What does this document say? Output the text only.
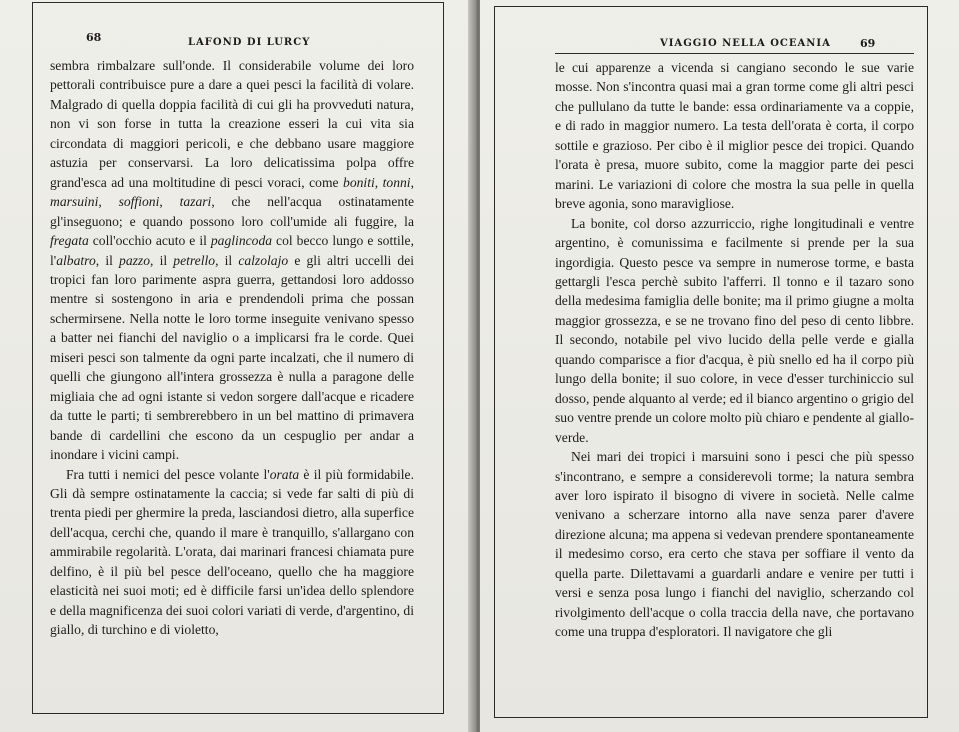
68	LAFOND DI LURCY

sembra rimbalzare sull'onde. Il considerabile volume dei loro pettorali contribuisce pure a dare a quei pesci la facilità di volare. Malgrado di quella doppia facilità di cui gli ha provveduti natura, non vi son forse in tutta la creazione esseri la cui vita sia circondata di maggiori pericoli, e che debbano usare maggiore astuzia per conservarsi. La loro delicatissima polpa offre grand'esca ad una moltitudine di pesci voraci, come boniti, tonni, marsuini, soffioni, tazari, che nell'acqua ostinatamente gl'inseguono; e quando possono loro coll'umide ali fuggire, la fregata coll'occhio acuto e il paglincoda col becco lungo e sottile, l'albatro, il pazzo, il petrello, il calzolajo e gli altri uccelli dei tropici fan loro parimente aspra guerra, gettandosi loro addosso mentre si sostengono in aria e prendendoli prima che possan schermirsene. Nella notte le loro torme inseguite venivano spesso a batter nei fianchi del naviglio o a implicarsi fra le corde. Quei miseri pesci son talmente da ogni parte incalzati, che il numero di quelli che giungono all'intera grossezza è nulla a paragone delle migliaia che ad ogni istante si vedon sorgere dall'acque e ricadere da tutte le parti; ti sembrerebbero in un bel mattino di primavera bande di cardellini che escono da un cespuglio per andar a inondare i vicini campi.

Fra tutti i nemici del pesce volante l'orata è il più formidabile. Gli dà sempre ostinatamente la caccia; si vede far salti di più di trenta piedi per ghermire la preda, lasciandosi dietro, alla superfice dell'acqua, cerchi che, quando il mare è tranquillo, s'allargano con ammirabile regolarità. L'orata, dai marinari francesi chiamata pure delfino, è il più bel pesce dell'oceano, quello che ha maggiore elasticità nei suoi moti; ed è difficile farsi un'idea dello splendore e della magnificenza dei suoi colori variati di verde, d'argentino, di giallo, di turchino e di violetto,

VIAGGIO NELLA OCEANIA	69

le cui apparenze a vicenda si cangiano secondo le sue varie mosse. Non s'incontra quasi mai a gran torme come gli altri pesci che pullulano da tutte le bande: essa ordinariamente va a coppie, e di rado in maggior numero. La testa dell'orata è corta, il corpo sottile e grazioso. Per cibo è il miglior pesce dei tropici. Quando l'orata è presa, muore subito, come la maggior parte dei pesci marini. Le variazioni di colore che mostra la sua pelle in quella breve agonia, sono maravigliose.

La bonite, col dorso azzurriccio, righe longitudinali e ventre argentino, è comunissima e facilmente si prende per la sua ingordigia. Questo pesce va sempre in numerose torme, e basta gettargli l'esca perchè subito l'afferri. Il tonno e il tazaro sono della medesima famiglia delle bonite; ma il primo giugne a molta maggior grossezza, e se ne trovano fino del peso di cento libbre. Il secondo, notabile pel vivo lucido della pelle verde e gialla quando comparisce a fior d'acqua, è più snello ed ha il corpo più lungo della bonite; il suo colore, in vece d'esser turchiniccio sul dosso, pende alquanto al verde; ed il bianco argentino o grigio del suo ventre prende un colore molto più chiaro e pendente al giallo-verde.

Nei mari dei tropici i marsuini sono i pesci che più spesso s'incontrano, e sempre a considerevoli torme; la natura sembra aver loro ispirato il bisogno di vivere in società. Nelle calme venivano a scherzare intorno alla nave senza parer d'avere direzione alcuna; ma appena si vedevan prendere spontaneamente il medesimo corso, era certo che stava per soffiare il vento da quella parte. Dilettavami a guardarli andare e venire per tutti i versi e senza posa lungo i fianchi del naviglio, scherzando col rivolgimento dell'acque o colla traccia della nave, che portavano come una truppa d'esploratori. Il navigatore che gli
